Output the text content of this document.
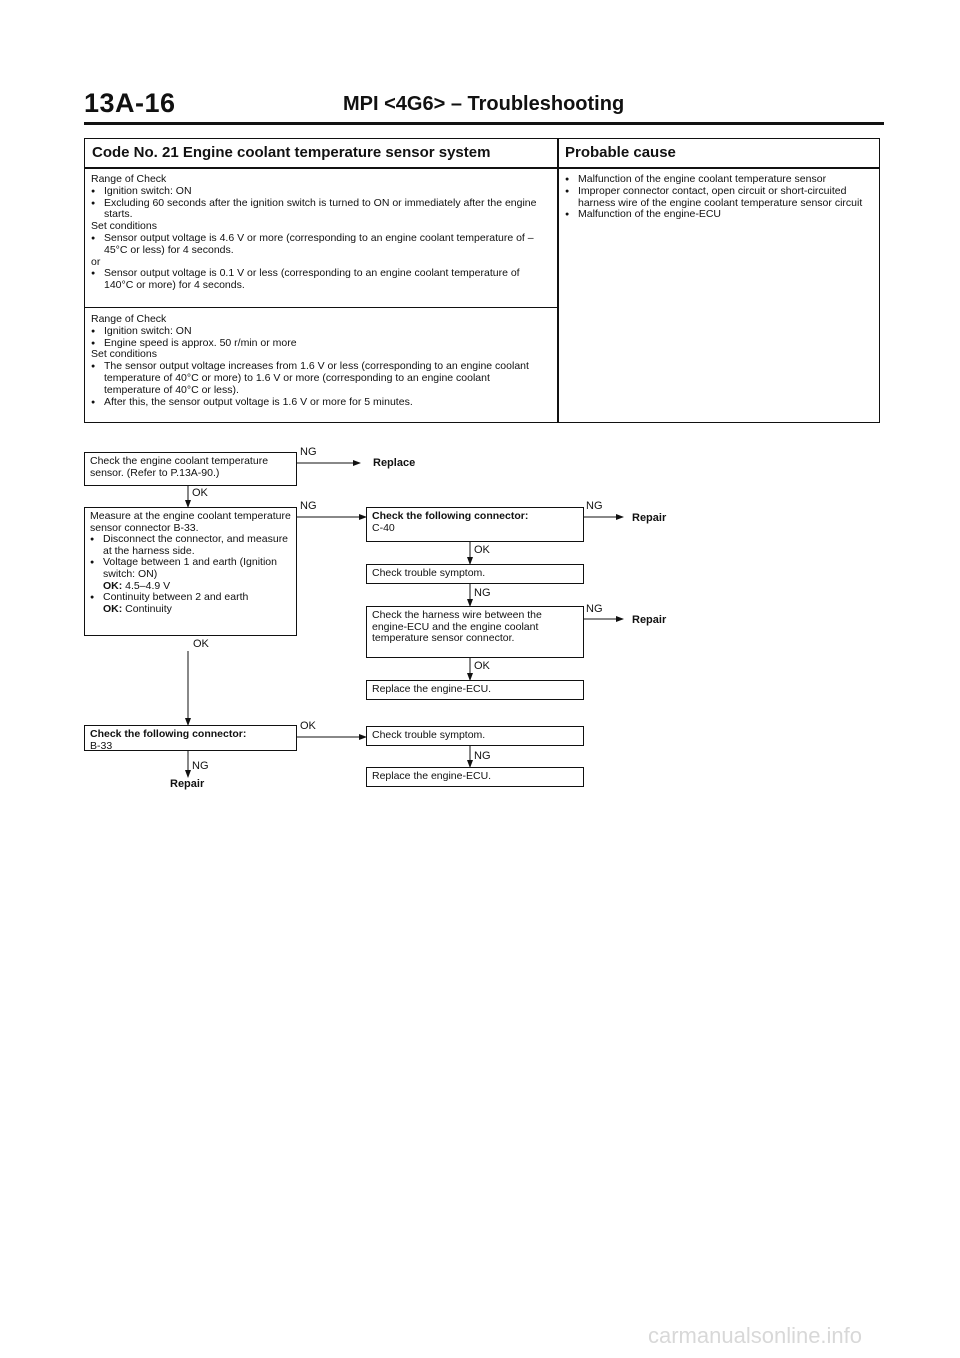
13A-16	MPI <4G6> – Troubleshooting
Code No. 21 Engine coolant temperature sensor system	Probable cause

Range of Check

● Ignition switch: ON

● Excluding 60 seconds after the ignition switch is turned to ON or immediately after the engine starts.

Set conditions

● Sensor output voltage is 4.6 V or more (corresponding to an engine coolant temperature of –45°C or less) for 4 seconds.

or

● Sensor output voltage is 0.1 V or less (corresponding to an engine coolant temperature of 140°C or more) for 4 seconds.

Range of Check

● Ignition switch: ON

● Engine speed is approx. 50 r/min or more

Set conditions

● The sensor output voltage increases from 1.6 V or less (corresponding to an engine coolant temperature of 40°C or more) to 1.6 V or more (corresponding to an engine coolant temperature of 40°C or less).

● After this, the sensor output voltage is 1.6 V or more for 5 minutes.

● Malfunction of the engine coolant temperature sensor

● Improper connector contact, open circuit or short-circuited harness wire of the engine coolant temperature sensor circuit

● Malfunction of the engine-ECU

Check the engine coolant temperature sensor. (Refer to P.13A-90.)

Measure at the engine coolant temperature sensor connector B-33.

● Disconnect the connector, and measure at the harness side.

● Voltage between 1 and earth (Ignition switch: ON)

OK: 4.5–4.9 V

● Continuity between 2 and earth

OK: Continuity

Check the following connector:

C-40

Check trouble symptom.

Check the harness wire between the engine-ECU and the engine coolant temperature sensor connector.

Replace the engine-ECU.

Check the following connector:

B-33

Check trouble symptom.

Replace the engine-ECU.

NG
Replace
OK
NG	NG
Repair
OK
NG
NG
Repair
OK
OK
OK
NG
NG
Repair
carmanualsonline.info
